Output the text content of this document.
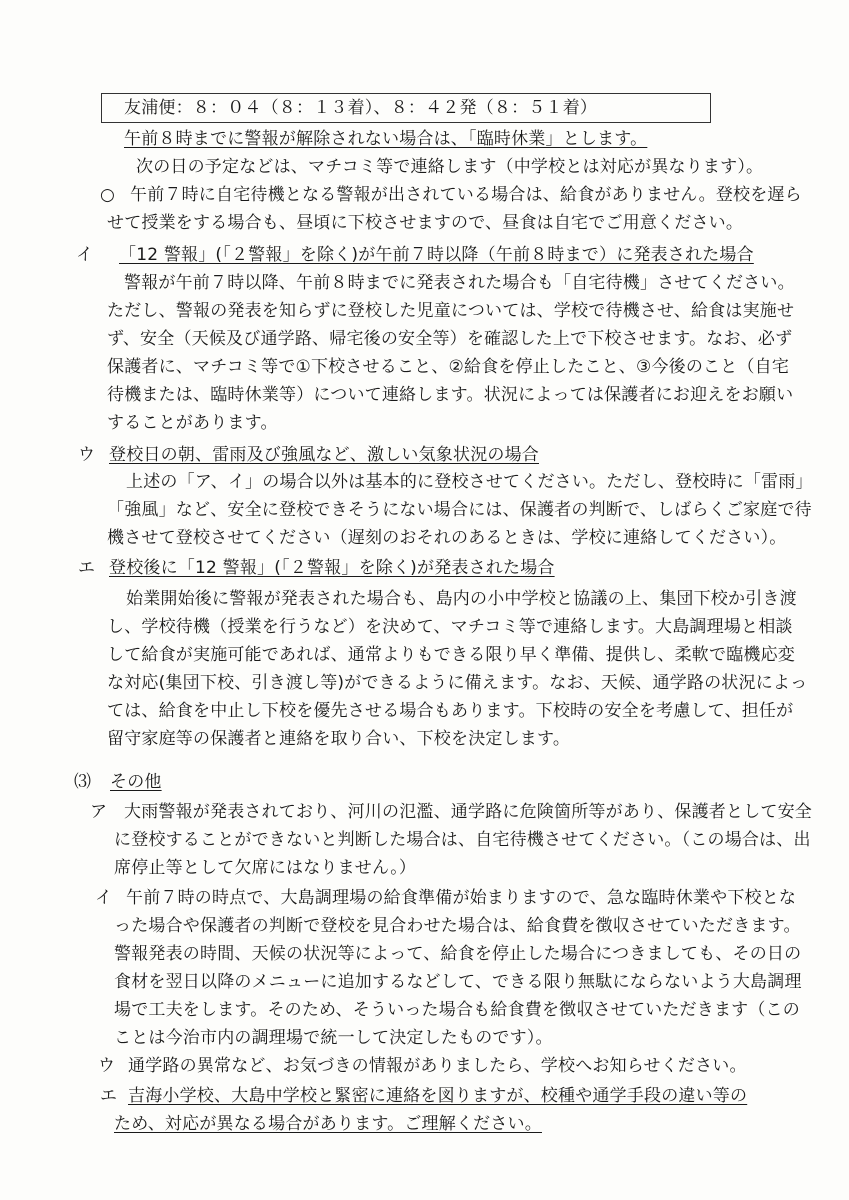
友浦便：８：０４（８：１３着）、８：４２発（８：５１着）
午前８時までに警報が解除されない場合は、「臨時休業」とします。
次の日の予定などは、マチコミ等で連絡します（中学校とは対応が異なります）。
○ 午前７時に自宅待機となる警報が出されている場合は、給食がありません。登校を遅ら
せて授業をする場合も、昼頃に下校させますので、昼食は自宅でご用意ください。
イ 「12 警報」(「２警報」を除く)が午前７時以降（午前８時まで）に発表された場合
警報が午前７時以降、午前８時までに発表された場合も「自宅待機」させてください。
ただし、警報の発表を知らずに登校した児童については、学校で待機させ、給食は実施せ
ず、安全（天候及び通学路、帰宅後の安全等）を確認した上で下校させます。なお、必ず
保護者に、マチコミ等で①下校させること、②給食を停止したこと、③今後のこと（自宅
待機または、臨時休業等）について連絡します。状況によっては保護者にお迎えをお願い
することがあります。
ウ 登校日の朝、雷雨及び強風など、激しい気象状況の場合
上述の「ア、イ」の場合以外は基本的に登校させてください。ただし、登校時に「雷雨」
「強風」など、安全に登校できそうにない場合には、保護者の判断で、しばらくご家庭で待
機させて登校させてください（遅刻のおそれのあるときは、学校に連絡してください）。
エ 登校後に「12 警報」(「２警報」を除く)が発表された場合
始業開始後に警報が発表された場合も、島内の小中学校と協議の上、集団下校か引き渡
し、学校待機（授業を行うなど）を決めて、マチコミ等で連絡します。大島調理場と相談
して給食が実施可能であれば、通常よりもできる限り早く準備、提供し、柔軟で臨機応変
な対応(集団下校、引き渡し等)ができるように備えます。なお、天候、通学路の状況によっ
ては、給食を中止し下校を優先させる場合もあります。下校時の安全を考慮して、担任が
留守家庭等の保護者と連絡を取り合い、下校を決定します。
⑶ その他
ア 大雨警報が発表されており、河川の氾濫、通学路に危険箇所等があり、保護者として安全
に登校することができないと判断した場合は、自宅待機させてください。（この場合は、出
席停止等として欠席にはなりません。）
イ 午前７時の時点で、大島調理場の給食準備が始まりますので、急な臨時休業や下校とな
った場合や保護者の判断で登校を見合わせた場合は、給食費を徴収させていただきます。
警報発表の時間、天候の状況等によって、給食を停止した場合につきましても、その日の
食材を翌日以降のメニューに追加するなどして、できる限り無駄にならないよう大島調理
場で工夫をします。そのため、そういった場合も給食費を徴収させていただきます（この
ことは今治市内の調理場で統一して決定したものです）。
ウ 通学路の異常など、お気づきの情報がありましたら、学校へお知らせください。
エ 吉海小学校、大島中学校と緊密に連絡を図りますが、校種や通学手段の違い等の
ため、対応が異なる場合があります。ご理解ください。
